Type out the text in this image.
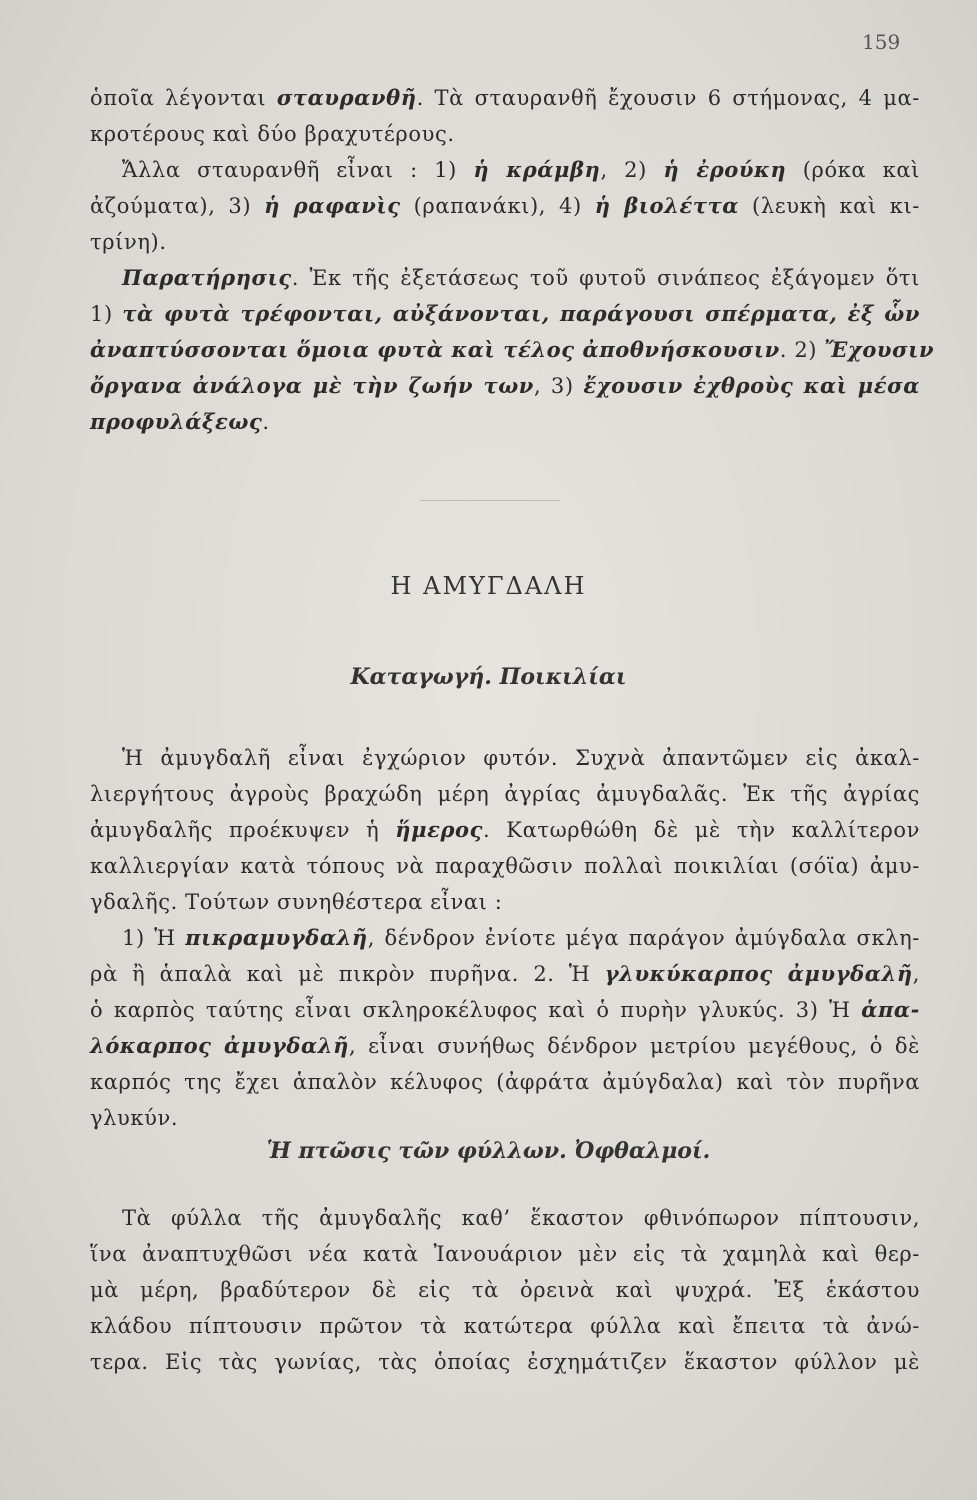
159
ὁποῖα λέγονται σταυρανθῆ. Τὰ σταυρανθῆ ἔχουσιν 6 στήμονας, 4 μα-
κροτέρους καὶ δύο βραχυτέρους.
Ἄλλα σταυρανθῆ εἶναι : 1) ἡ κράμβη, 2) ἡ ἐρούκη (ρόκα καὶ
ἀζούματα), 3) ἡ ραφανὶς (ραπανάκι), 4) ἡ βιολέττα (λευκὴ καὶ κι-
τρίνη).
Παρατήρησις. Ἐκ τῆς ἐξετάσεως τοῦ φυτοῦ σινάπεος ἐξάγομεν ὅτι
1) τὰ φυτὰ τρέφονται, αὐξάνονται, παράγουσι σπέρματα, ἐξ ὧν
ἀναπτύσσονται ὅμοια φυτὰ καὶ τέλος ἀποθνήσκουσιν. 2) Ἔχουσιν
ὄργανα ἀνάλογα μὲ τὴν ζωήν των, 3) ἔχουσιν ἐχθροὺς καὶ μέσα
προφυλάξεως.
Η ΑΜΥΓΔΑΛΗ
Καταγωγή. Ποικιλίαι
Ἡ ἀμυγδαλῆ εἶναι ἐγχώριον φυτόν. Συχνὰ ἀπαντῶμεν εἰς ἀκαλ-
λιεργήτους ἀγροὺς βραχώδη μέρη ἀγρίας ἀμυγδαλᾶς. Ἐκ τῆς ἀγρίας
ἀμυγδαλῆς προέκυψεν ἡ ἥμερος. Κατωρθώθη δὲ μὲ τὴν καλλίτερον
καλλιεργίαν κατὰ τόπους νὰ παραχθῶσιν πολλαὶ ποικιλίαι (σόϊα) ἀμυ-
γδαλῆς. Τούτων συνηθέστερα εἶναι :
1) Ἡ πικραμυγδαλῆ, δένδρον ἐνίοτε μέγα παράγον ἀμύγδαλα σκλη-
ρὰ ἢ ἁπαλὰ καὶ μὲ πικρὸν πυρῆνα. 2. Ἡ γλυκύκαρπος ἀμυγδαλῆ,
ὁ καρπὸς ταύτης εἶναι σκληροκέλυφος καὶ ὁ πυρὴν γλυκύς. 3) Ἡ ἁπα-
λόκαρπος ἀμυγδαλῆ, εἶναι συνήθως δένδρον μετρίου μεγέθους, ὁ δὲ
καρπός της ἔχει ἁπαλὸν κέλυφος (ἀφράτα ἀμύγδαλα) καὶ τὸν πυρῆνα
γλυκύν.
Ἡ πτῶσις τῶν φύλλων. Ὀφθαλμοί.
Τὰ φύλλα τῆς ἀμυγδαλῆς καθ’ ἕκαστον φθινόπωρον πίπτουσιν,
ἵνα ἀναπτυχθῶσι νέα κατὰ Ἰανουάριον μὲν εἰς τὰ χαμηλὰ καὶ θερ-
μὰ μέρη, βραδύτερον δὲ εἰς τὰ ὀρεινὰ καὶ ψυχρά. Ἐξ ἑκάστου
κλάδου πίπτουσιν πρῶτον τὰ κατώτερα φύλλα καὶ ἔπειτα τὰ ἀνώ-
τερα. Εἰς τὰς γωνίας, τὰς ὁποίας ἐσχημάτιζεν ἕκαστον φύλλον μὲ
